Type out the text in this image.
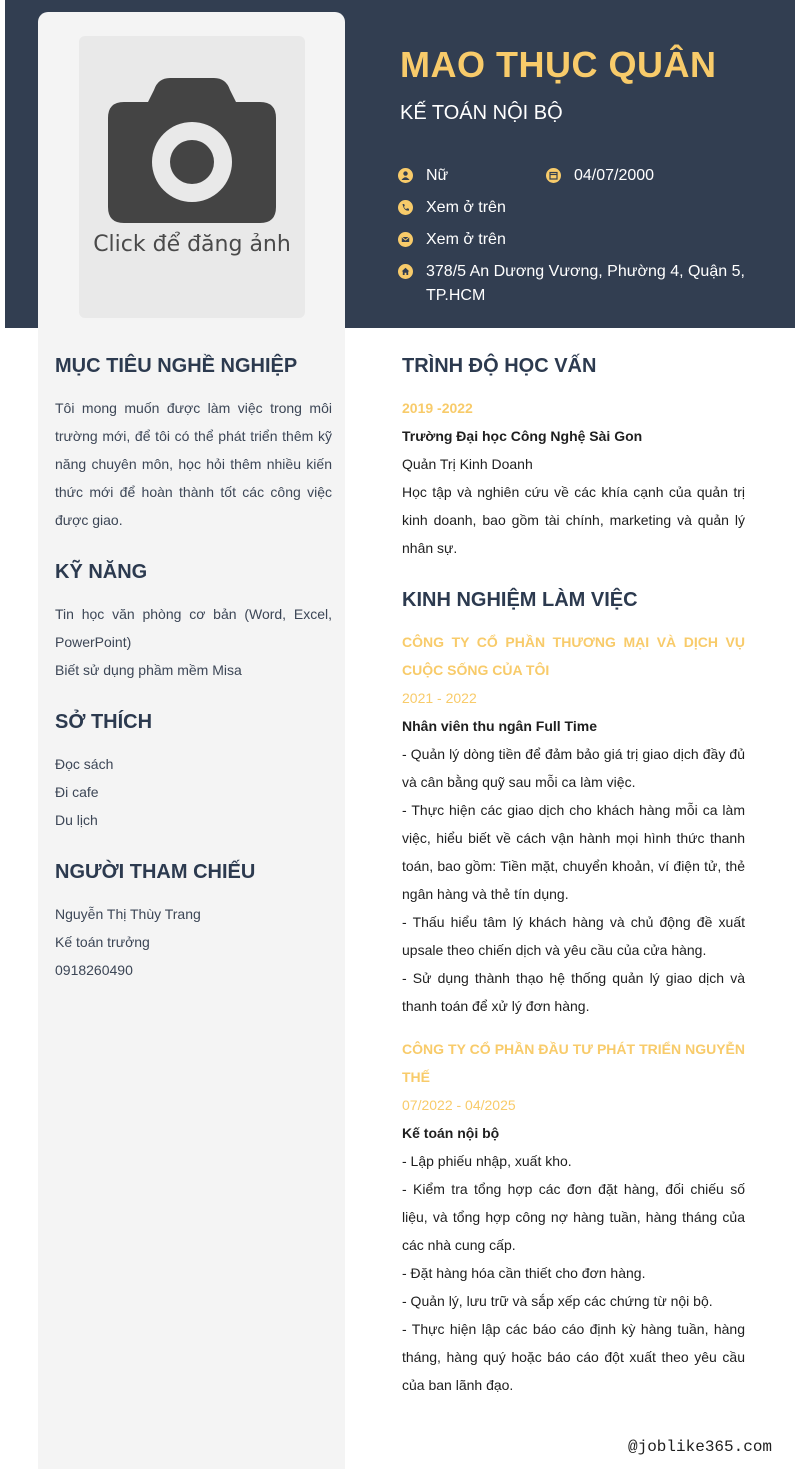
Click để đăng ảnh
MAO THỤC QUÂN
KẾ TOÁN NỘI BỘ
Nữ	04/07/2000
Xem ở trên
Xem ở trên
378/5 An Dương Vương, Phường 4, Quận 5, TP.HCM
MỤC TIÊU NGHỀ NGHIỆP
Tôi mong muốn được làm việc trong môi trường mới, để tôi có thể phát triển thêm kỹ năng chuyên môn, học hỏi thêm nhiều kiến thức mới để hoàn thành tốt các công việc được giao.
KỸ NĂNG

Tin học văn phòng cơ bản (Word, Excel, PowerPoint)

Biết sử dụng phầm mềm Misa

SỞ THÍCH

Đọc sách

Đi cafe

Du lịch

NGƯỜI THAM CHIẾU

Nguyễn Thị Thùy Trang

Kế toán trưởng

0918260490

TRÌNH ĐỘ HỌC VẤN

2019 -2022

Trường Đại học Công Nghệ Sài Gon

Quản Trị Kinh Doanh

Học tập và nghiên cứu về các khía cạnh của quản trị kinh doanh, bao gồm tài chính, marketing và quản lý nhân sự.

KINH NGHIỆM LÀM VIỆC

CÔNG TY CỔ PHẦN THƯƠNG MẠI VÀ DỊCH VỤ CUỘC SỐNG CỦA TÔI

2021 - 2022

Nhân viên thu ngân Full Time

- Quản lý dòng tiền để đảm bảo giá trị giao dịch đầy đủ và cân bằng quỹ sau mỗi ca làm việc.

- Thực hiện các giao dịch cho khách hàng mỗi ca làm việc, hiểu biết về cách vận hành mọi hình thức thanh toán, bao gồm: Tiền mặt, chuyển khoản, ví điện tử, thẻ ngân hàng và thẻ tín dụng.

- Thấu hiểu tâm lý khách hàng và chủ động đề xuất upsale theo chiến dịch và yêu cầu của cửa hàng.

- Sử dụng thành thạo hệ thống quản lý giao dịch và thanh toán để xử lý đơn hàng.

CÔNG TY CỔ PHẦN ĐẦU TƯ PHÁT TRIỂN NGUYỄN THẾ

07/2022 - 04/2025

Kế toán nội bộ

- Lập phiếu nhập, xuất kho.

- Kiểm tra tổng hợp các đơn đặt hàng, đối chiếu số liệu, và tổng hợp công nợ hàng tuần, hàng tháng của các nhà cung cấp.

- Đặt hàng hóa cần thiết cho đơn hàng.

- Quản lý, lưu trữ và sắp xếp các chứng từ nội bộ.

- Thực hiện lập các báo cáo định kỳ hàng tuần, hàng tháng, hàng quý hoặc báo cáo đột xuất theo yêu cầu của ban lãnh đạo.

@joblike365.com
